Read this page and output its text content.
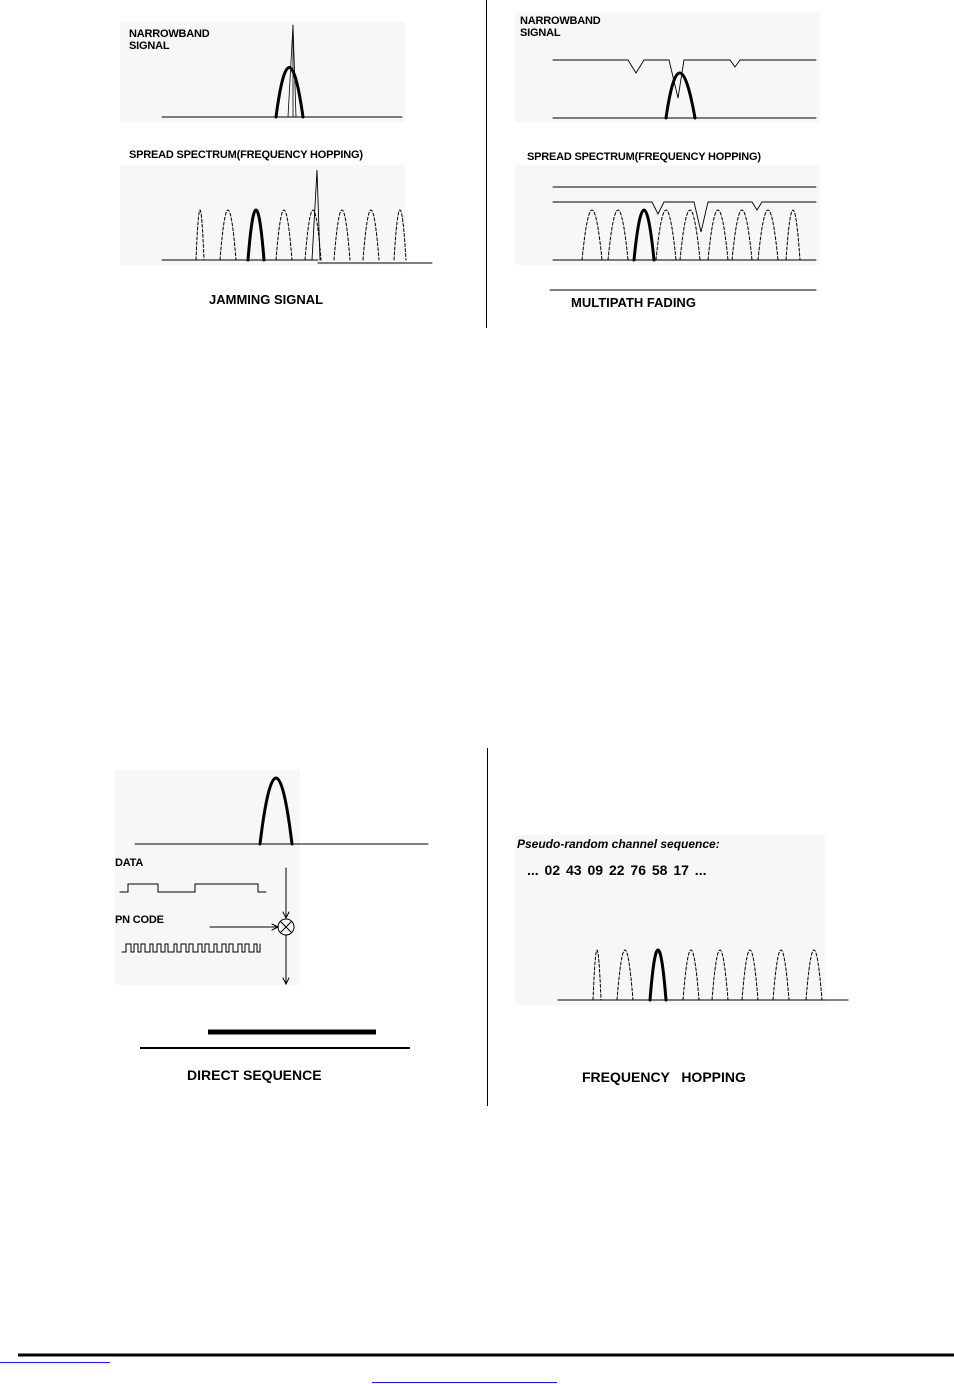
NARROWBAND
SIGNAL
SPREAD SPECTRUM(FREQUENCY HOPPING)
JAMMING SIGNAL
NARROWBAND
SIGNAL
SPREAD SPECTRUM(FREQUENCY HOPPING)
MULTIPATH FADING
DATA
PN CODE
DIRECT SEQUENCE
Pseudo-random channel sequence:
... 02 43 09 22 76 58 17 ...
FREQUENCY   HOPPING
